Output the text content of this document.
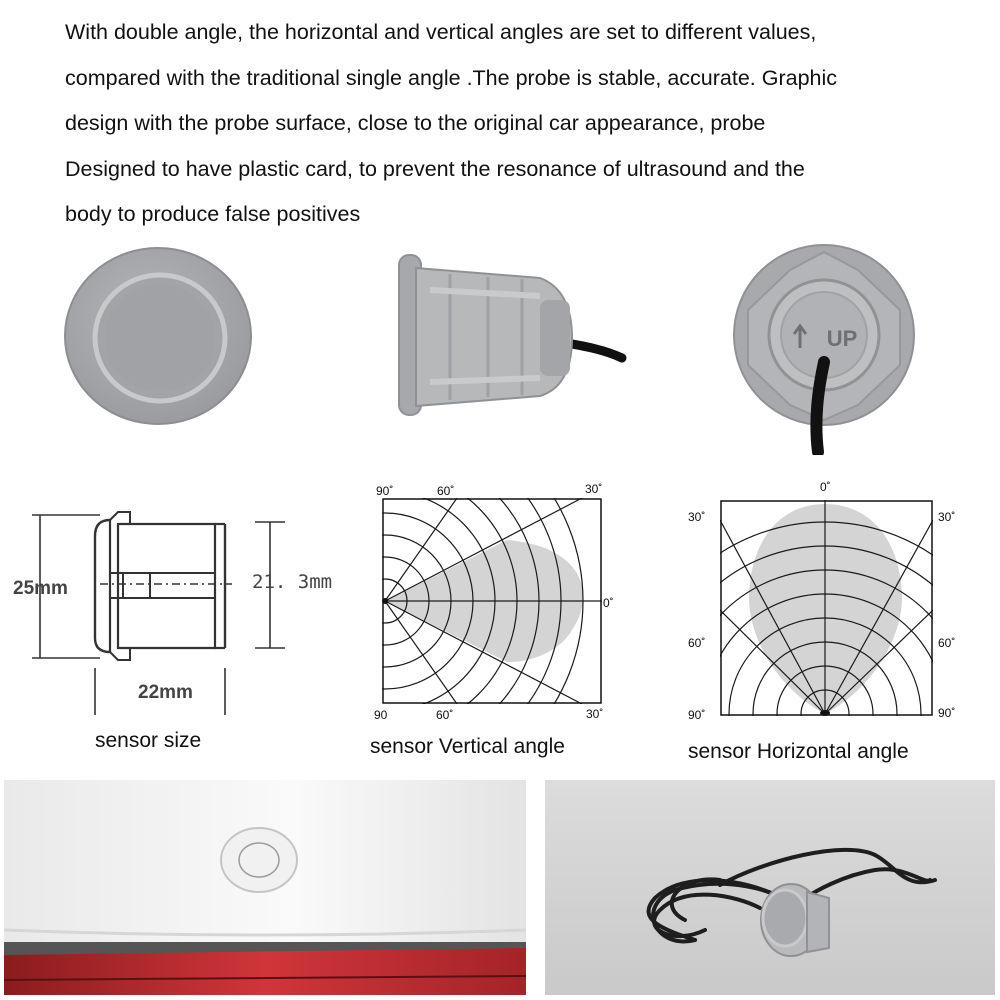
With double angle, the horizontal and vertical angles are set to different values,

compared with the traditional single angle .The probe is stable, accurate. Graphic

design with the probe surface, close to the original car appearance, probe

Designed to have plastic card, to prevent the resonance of ultrasound and the

body to produce false positives

UP
25mm	21. 3mm
22mm
sensor size
90˚	60˚	30˚
0˚
90	60˚	30˚
sensor Vertical angle
0˚
30˚
60˚
90˚
30˚
60˚
90˚
sensor Horizontal angle
